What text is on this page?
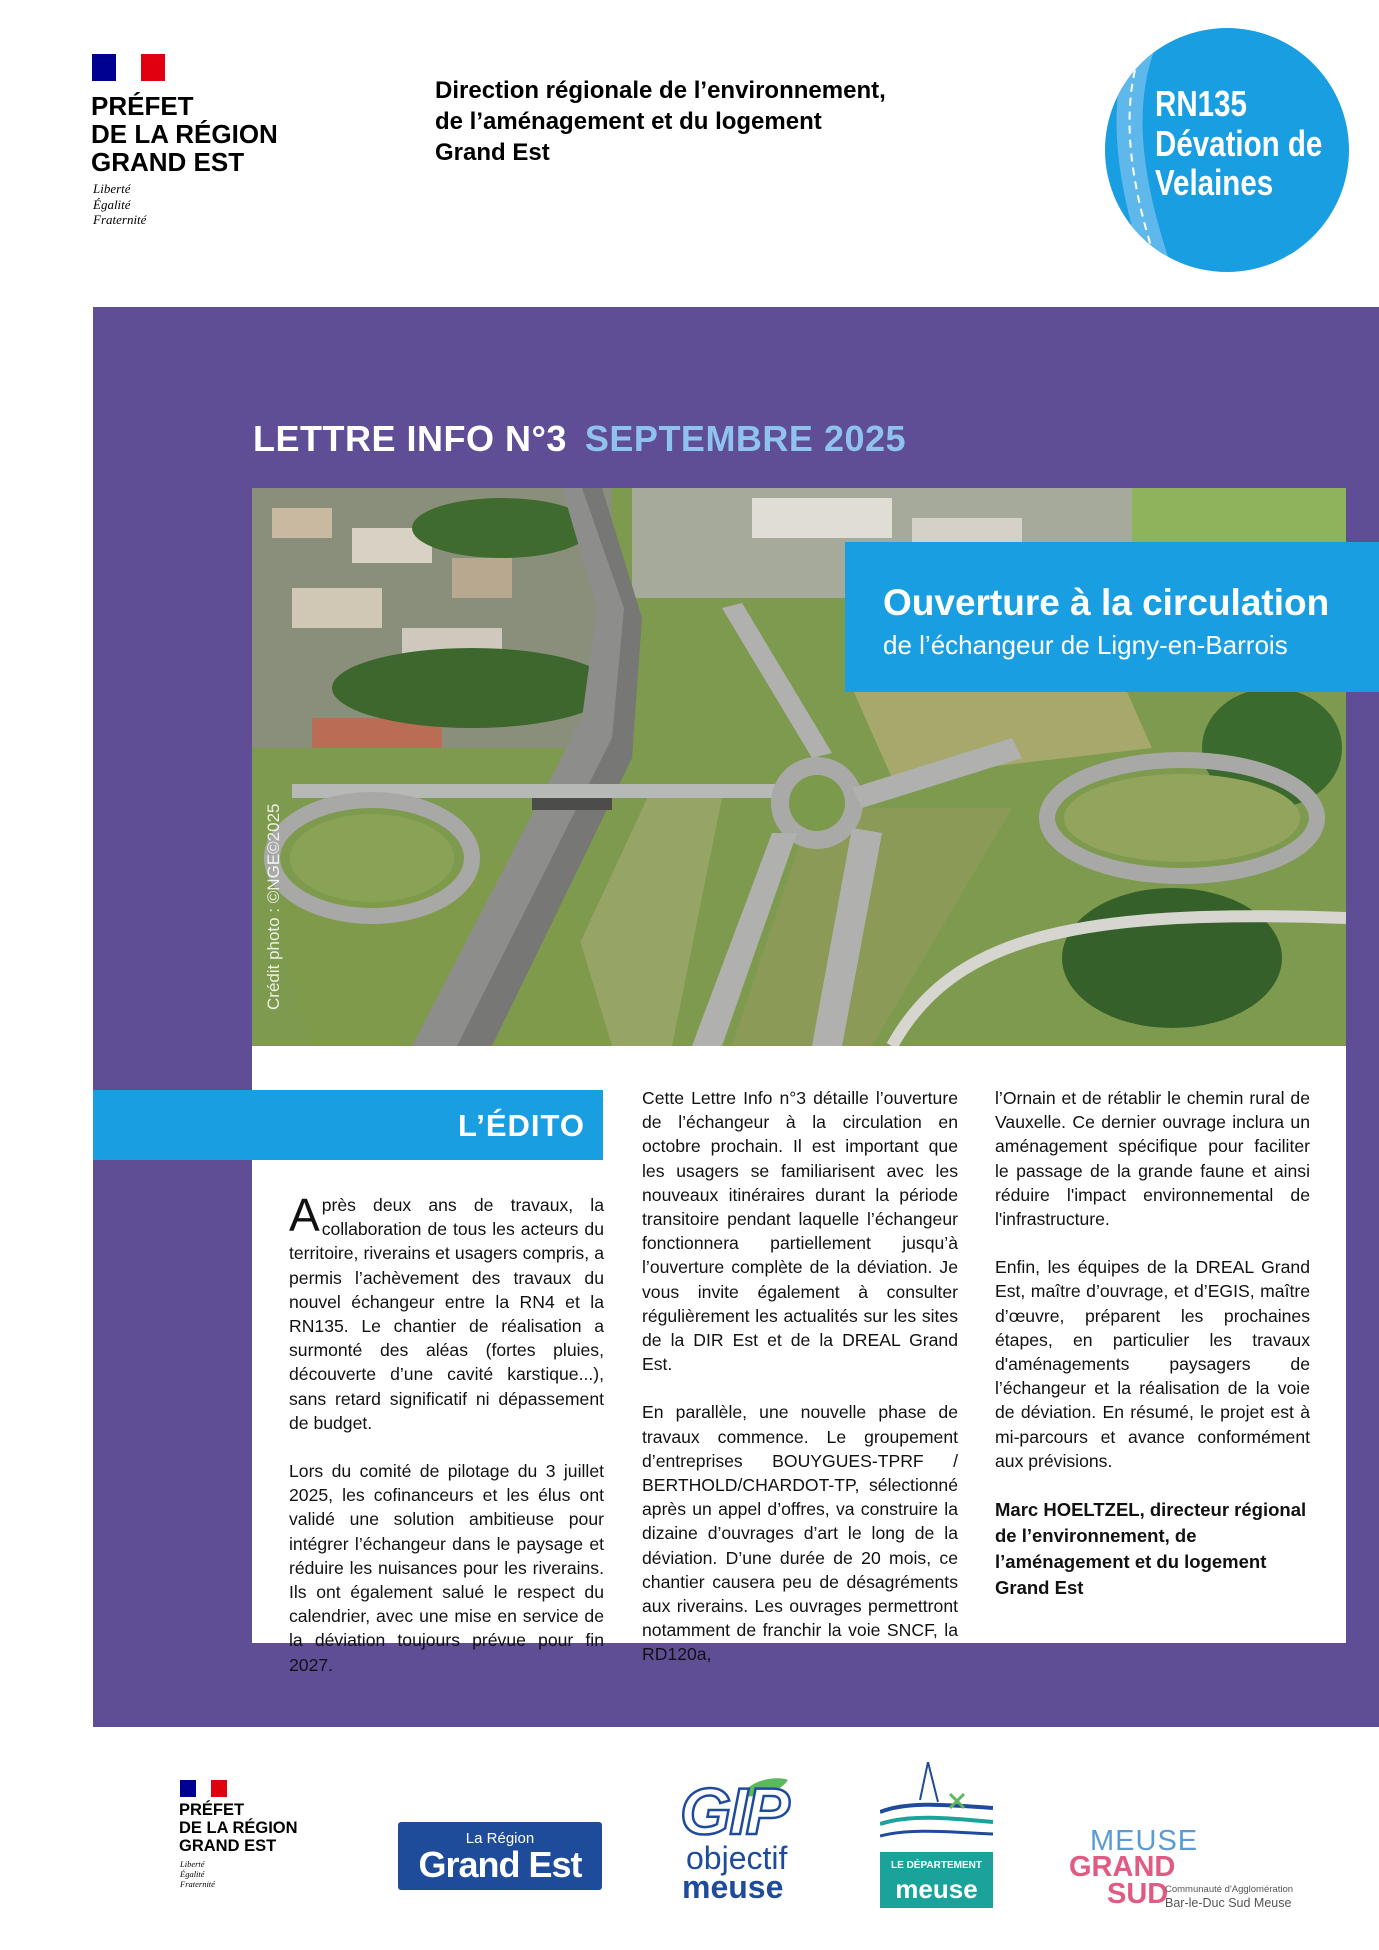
PRÉFET
DE LA RÉGION
GRAND EST
Liberté
Égalité
Fraternité
Direction régionale de l’environnement,
de l’aménagement et du logement
Grand Est
RN135
Dévation de
Velaines
LETTRE INFO N°3 SEPTEMBRE 2025
Crédit photo : ©NGE©2025
Ouverture à la circulation
de l’échangeur de Ligny-en-Barrois
L’ÉDITO

Après deux ans de travaux, la collaboration de tous les acteurs du territoire, riverains et usagers compris, a permis l’achèvement des travaux du nouvel échangeur entre la RN4 et la RN135. Le chantier de réalisation a surmonté des aléas (fortes pluies, découverte d’une cavité karstique...), sans retard significatif ni dépassement de budget.

Lors du comité de pilotage du 3 juillet 2025, les cofinanceurs et les élus ont validé une solution ambitieuse pour intégrer l’échangeur dans le paysage et réduire les nuisances pour les riverains. Ils ont également salué le respect du calendrier, avec une mise en service de la déviation toujours prévue pour fin 2027.

Cette Lettre Info n°3 détaille l’ouverture de l’échangeur à la circulation en octobre prochain. Il est important que les usagers se familiarisent avec les nouveaux itinéraires durant la période transitoire pendant laquelle l’échangeur fonctionnera partiellement jusqu’à l’ouverture complète de la déviation. Je vous invite également à consulter régulièrement les actualités sur les sites de la DIR Est et de la DREAL Grand Est.

En parallèle, une nouvelle phase de travaux commence. Le groupement d’entreprises BOUYGUES-TPRF / BERTHOLD/CHARDOT-TP, sélectionné après un appel d’offres, va construire la dizaine d’ouvrages d’art le long de la déviation. D’une durée de 20 mois, ce chantier causera peu de désagréments aux riverains. Les ouvrages permettront notamment de franchir la voie SNCF, la RD120a,

l’Ornain et de rétablir le chemin rural de Vauxelle. Ce dernier ouvrage inclura un aménagement spécifique pour faciliter le passage de la grande faune et ainsi réduire l'impact environnemental de l'infrastructure.

Enfin, les équipes de la DREAL Grand Est, maître d’ouvrage, et d’EGIS, maître d’œuvre, préparent les prochaines étapes, en particulier les travaux d'aménagements paysagers de l’échangeur et la réalisation de la voie de déviation. En résumé, le projet est à mi-parcours et avance conformément aux prévisions.

Marc HOELTZEL, directeur régional de l’environnement, de l’aménagement et du logement Grand Est
PRÉFET
DE LA RÉGION
GRAND EST
Liberté
Égalité
Fraternité
La Région
Grand Est
GIP
objectif
meuse
LE DÉPARTEMENT
meuse
MEUSE
GRAND
SUD
Communauté d'Agglomération
Bar-le-Duc Sud Meuse
